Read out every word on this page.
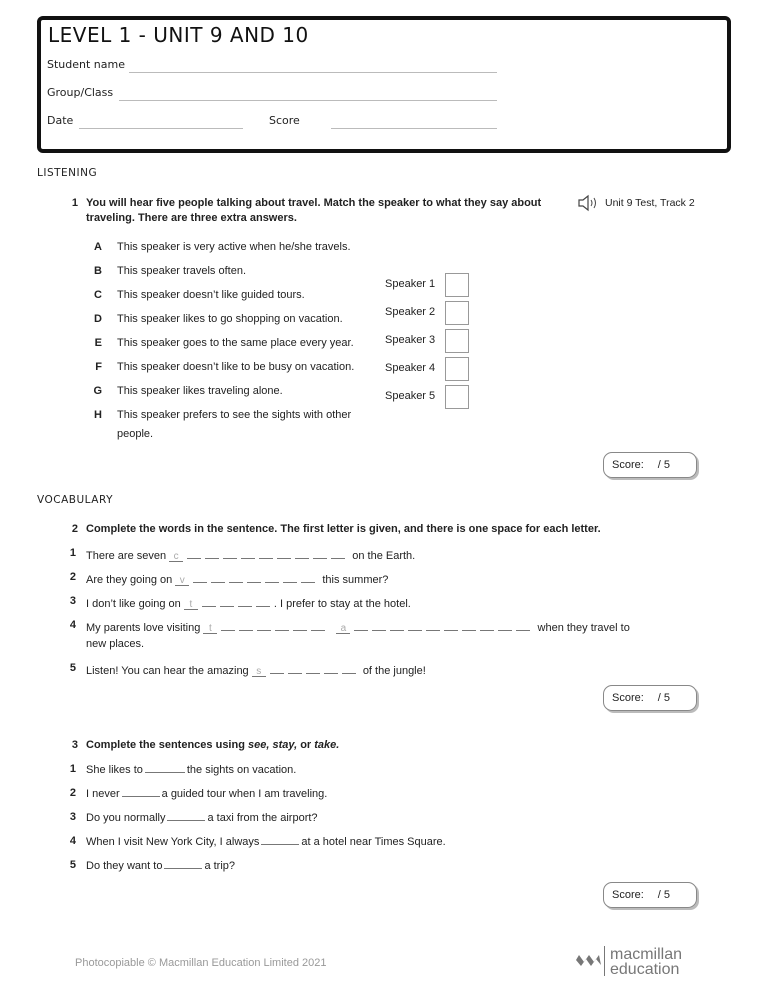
LEVEL 1 - UNIT 9 AND 10
Student name
Group/Class
Date	Score
LISTENING
1 You will hear five people talking about travel. Match the speaker to what they say about
traveling. There are three extra answers.
Unit 9 Test, Track 2
A This speaker is very active when he/she travels.
B This speaker travels often.
C This speaker doesn’t like guided tours.
D This speaker likes to go shopping on vacation.
E This speaker goes to the same place every year.
F This speaker doesn’t like to be busy on vacation.
G This speaker likes traveling alone.
H This speaker prefers to see the sights with other
people.
Speaker 1
Speaker 2
Speaker 3
Speaker 4
Speaker 5
Score: / 5
VOCABULARY
2 Complete the words in the sentence. The first letter is given, and there is one space for each letter.
1 There are seven c	on the Earth.
2 Are they going on v	this summer?
3 I don’t like going on t	. I prefer to stay at the hotel.
4 My parents love visiting t	a	when they travel to
new places.
5 Listen! You can hear the amazing s	of the jungle!
Score: / 5
3 Complete the sentences using see, stay, or take.
1 She likes to	the sights on vacation.
2 I never	a guided tour when I am traveling.
3 Do you normally	a taxi from the airport?
4 When I visit New York City, I always	at a hotel near Times Square.
5 Do they want to	a trip?
Score: / 5
Photocopiable © Macmillan Education Limited 2021	macmillan
education
